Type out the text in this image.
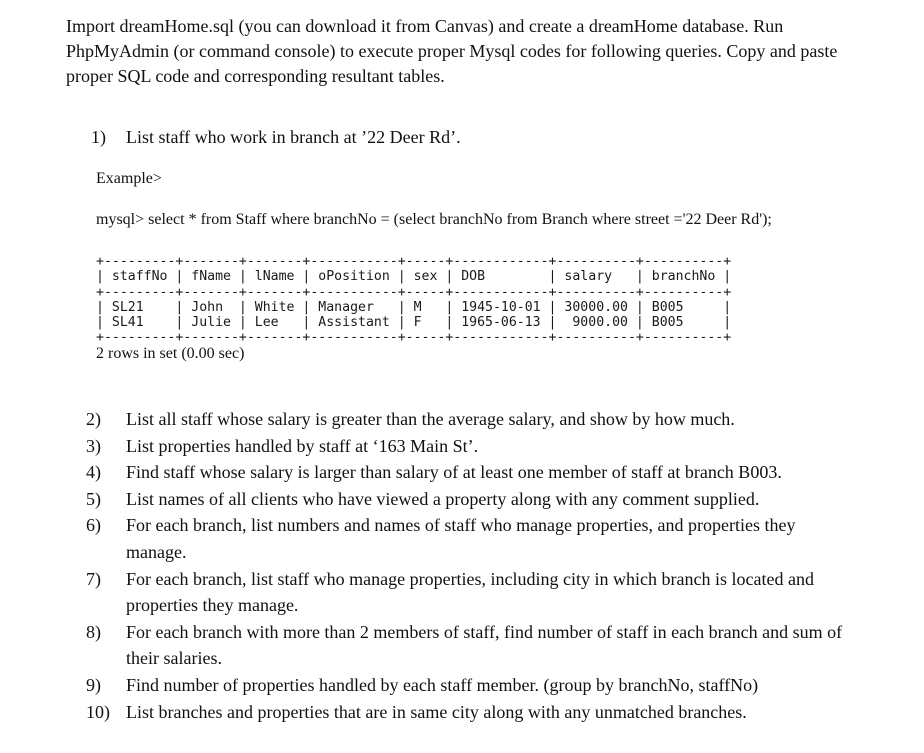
Import dreamHome.sql (you can download it from Canvas) and create a dreamHome database. Run PhpMyAdmin (or command console) to execute proper Mysql codes for following queries. Copy and paste proper SQL code and corresponding resultant tables.

1) List staff who work in branch at ’22 Deer Rd’.
Example>

mysql> select * from Staff where branchNo = (select branchNo from Branch where street ='22 Deer Rd');

+---------+-------+-------+-----------+-----+------------+----------+----------+
| staffNo | fName | lName | oPosition | sex | DOB        | salary   | branchNo |
+---------+-------+-------+-----------+-----+------------+----------+----------+
| SL21    | John  | White | Manager   | M   | 1945-10-01 | 30000.00 | B005     |
| SL41    | Julie | Lee   | Assistant | F   | 1965-06-13 |  9000.00 | B005     |
+---------+-------+-------+-----------+-----+------------+----------+----------+
2 rows in set (0.00 sec)
2)	List all staff whose salary is greater than the average salary, and show by how much.
3)	List properties handled by staff at ‘163 Main St’.
4)	Find staff whose salary is larger than salary of at least one member of staff at branch B003.
5)	List names of all clients who have viewed a property along with any comment supplied.
6)	For each branch, list numbers and names of staff who manage properties, and properties they manage.
7)	For each branch, list staff who manage properties, including city in which branch is located and properties they manage.
8)	For each branch with more than 2 members of staff, find number of staff in each branch and sum of their salaries.
9)	Find number of properties handled by each staff member. (group by branchNo, staffNo)
10) List branches and properties that are in same city along with any unmatched branches.
